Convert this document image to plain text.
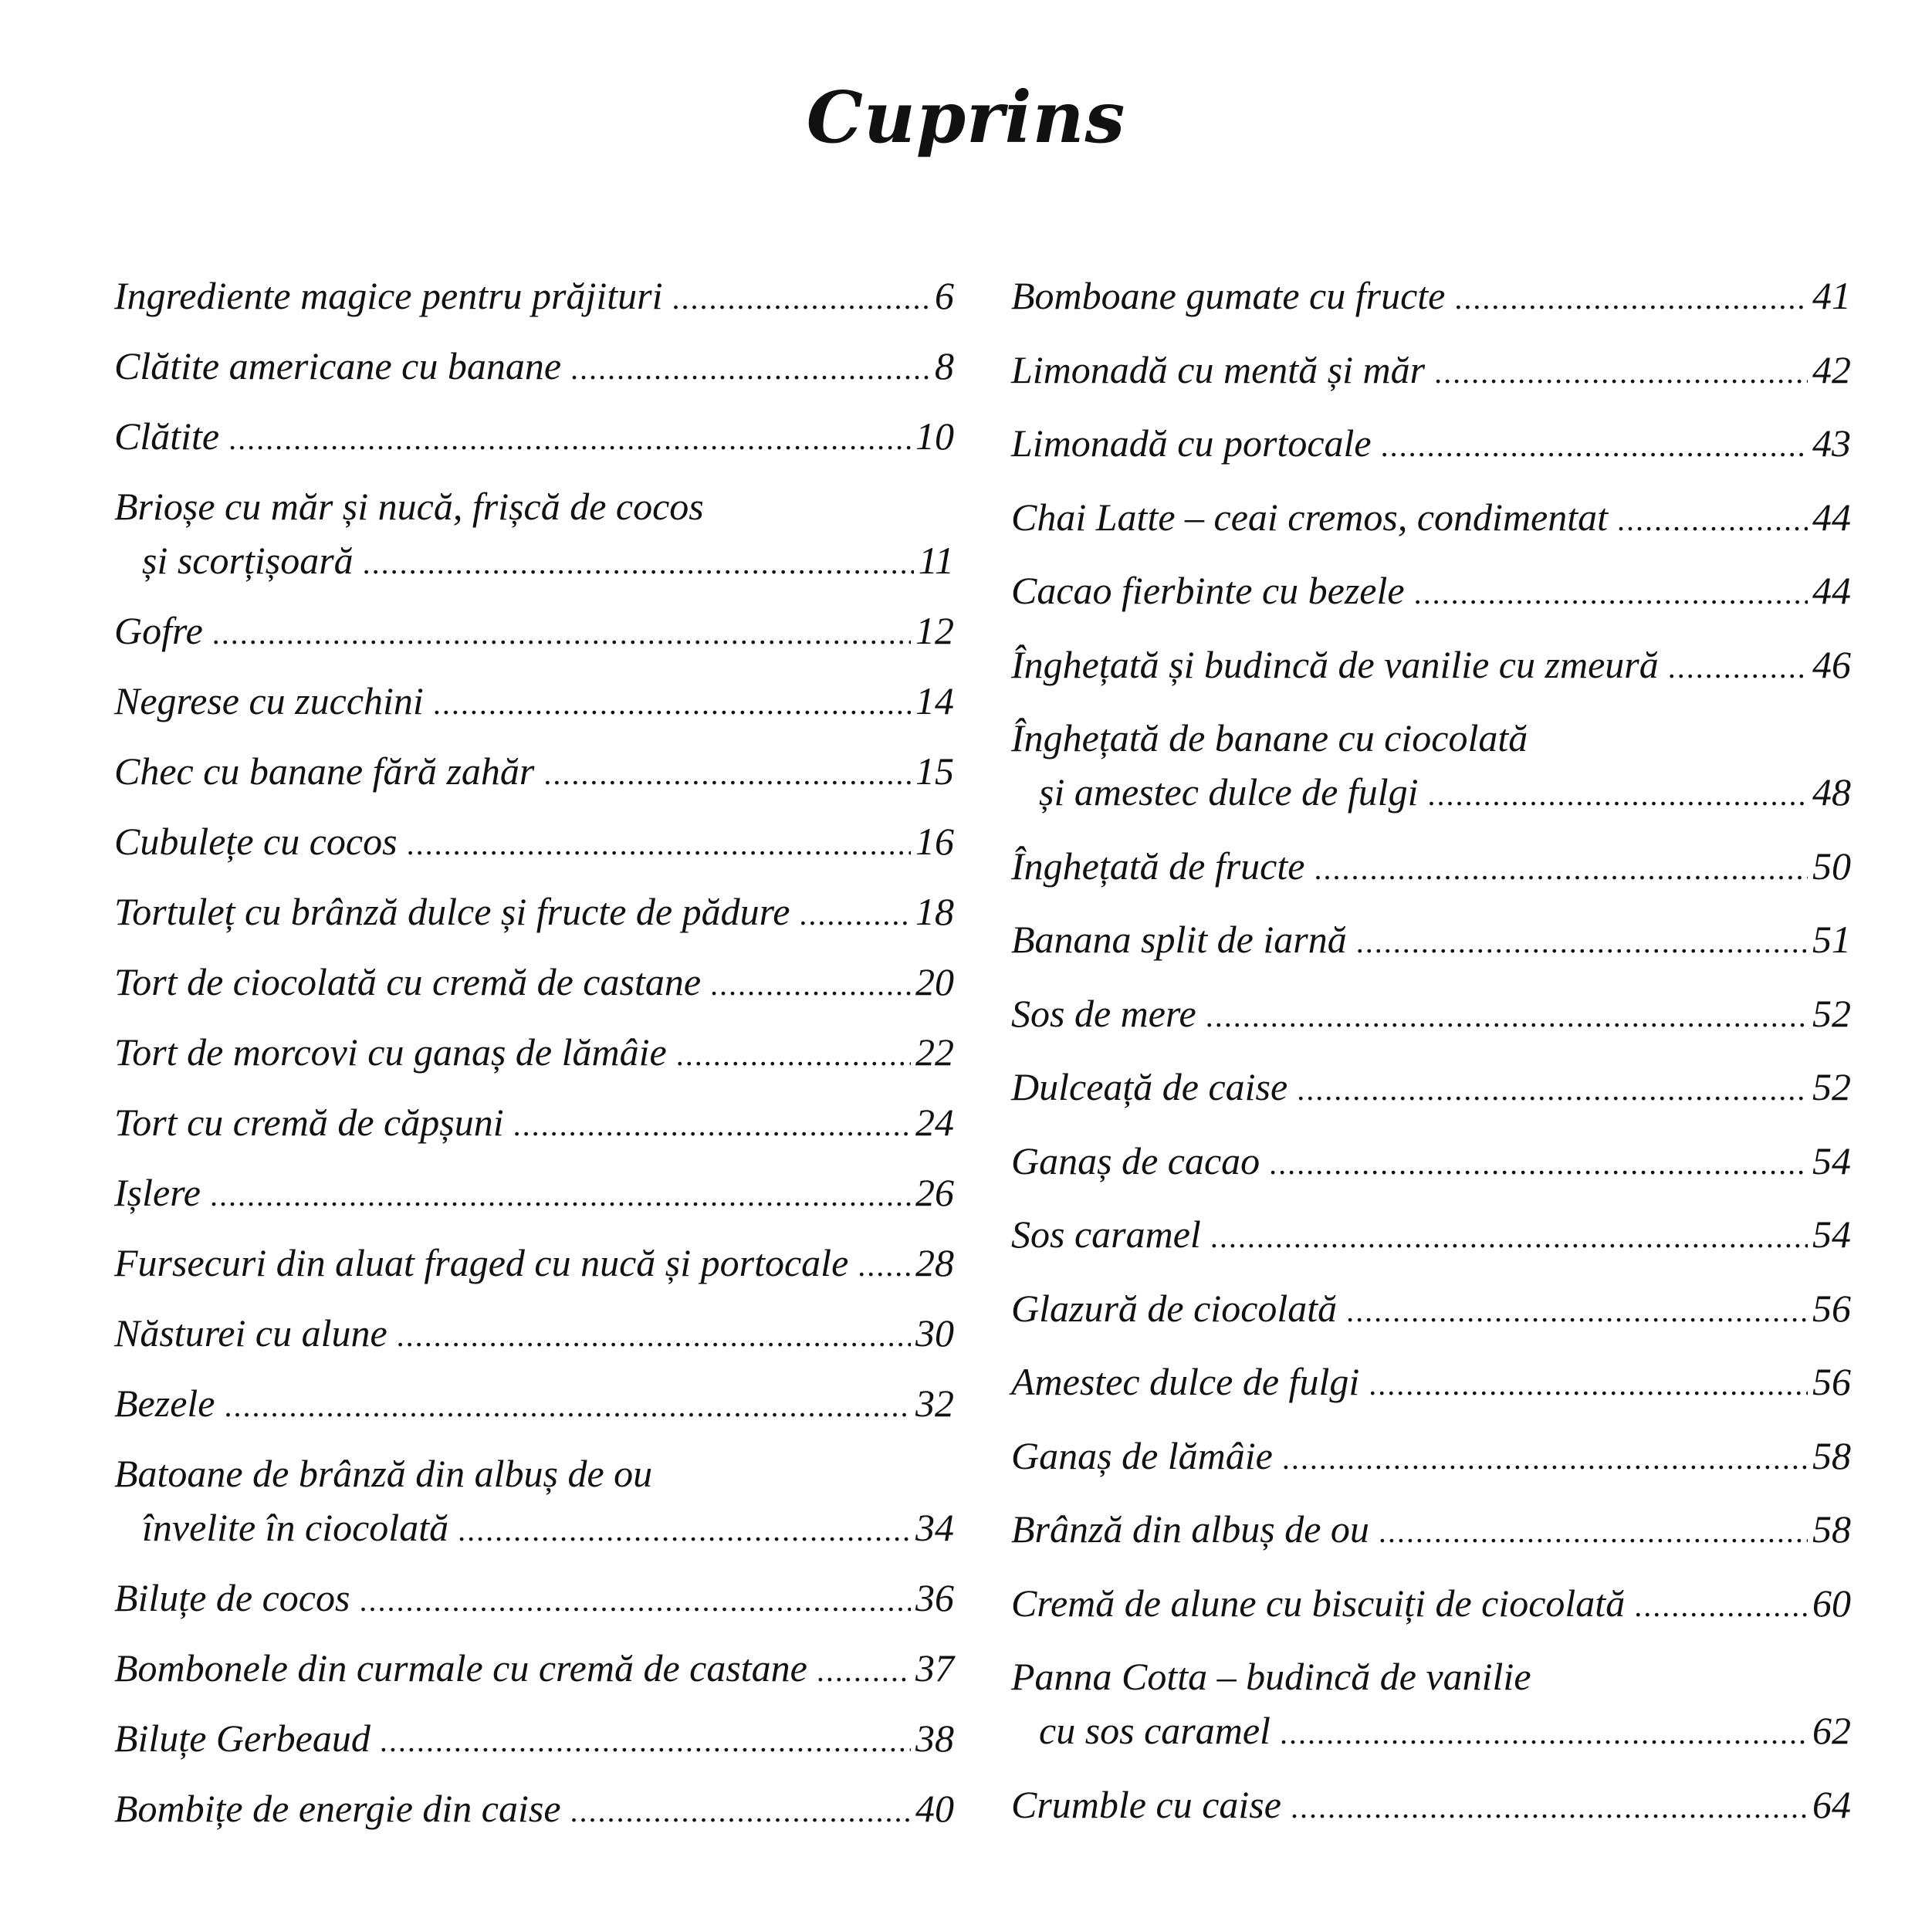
Cuprins
Ingrediente magice pentru prăjituri .....	6
Clătite americane cu banane .....	8
Clătite .....	10
Brioșe cu măr și nucă, frișcă de cocos
și scorțișoară .....	11
Gofre .....	12
Negrese cu zucchini .....	14
Chec cu banane fără zahăr .....	15
Cubulețe cu cocos .....	16
Tortuleț cu brânză dulce și fructe de pădure .....	18
Tort de ciocolată cu cremă de castane .....	20
Tort de morcovi cu ganaș de lămâie .....	22
Tort cu cremă de căpșuni .....	24
Ișlere .....	26
Fursecuri din aluat fraged cu nucă și portocale ..... 28
Năsturei cu alune .....	30
Bezele .....	32
Batoane de brânză din albuș de ou
învelite în ciocolată .....	34
Biluțe de cocos .....	36
Bombonele din curmale cu cremă de castane .....	37
Biluțe Gerbeaud .....	38
Bombițe de energie din caise .....	40
Bomboane gumate cu fructe .....	41
Limonadă cu mentă și măr .....	42
Limonadă cu portocale .....	43
Chai Latte – ceai cremos, condimentat .....	44
Cacao fierbinte cu bezele .....	44
Înghețată și budincă de vanilie cu zmeură .....	46
Înghețată de banane cu ciocolată
și amestec dulce de fulgi .....	48
Înghețată de fructe .....	50
Banana split de iarnă .....	51
Sos de mere .....	52
Dulceață de caise .....	52
Ganaș de cacao .....	54
Sos caramel .....	54
Glazură de ciocolată .....	56
Amestec dulce de fulgi .....	56
Ganaș de lămâie .....	58
Brânză din albuș de ou .....	58
Cremă de alune cu biscuiți de ciocolată .....	60
Panna Cotta – budincă de vanilie
cu sos caramel .....	62
Crumble cu caise .....	64
